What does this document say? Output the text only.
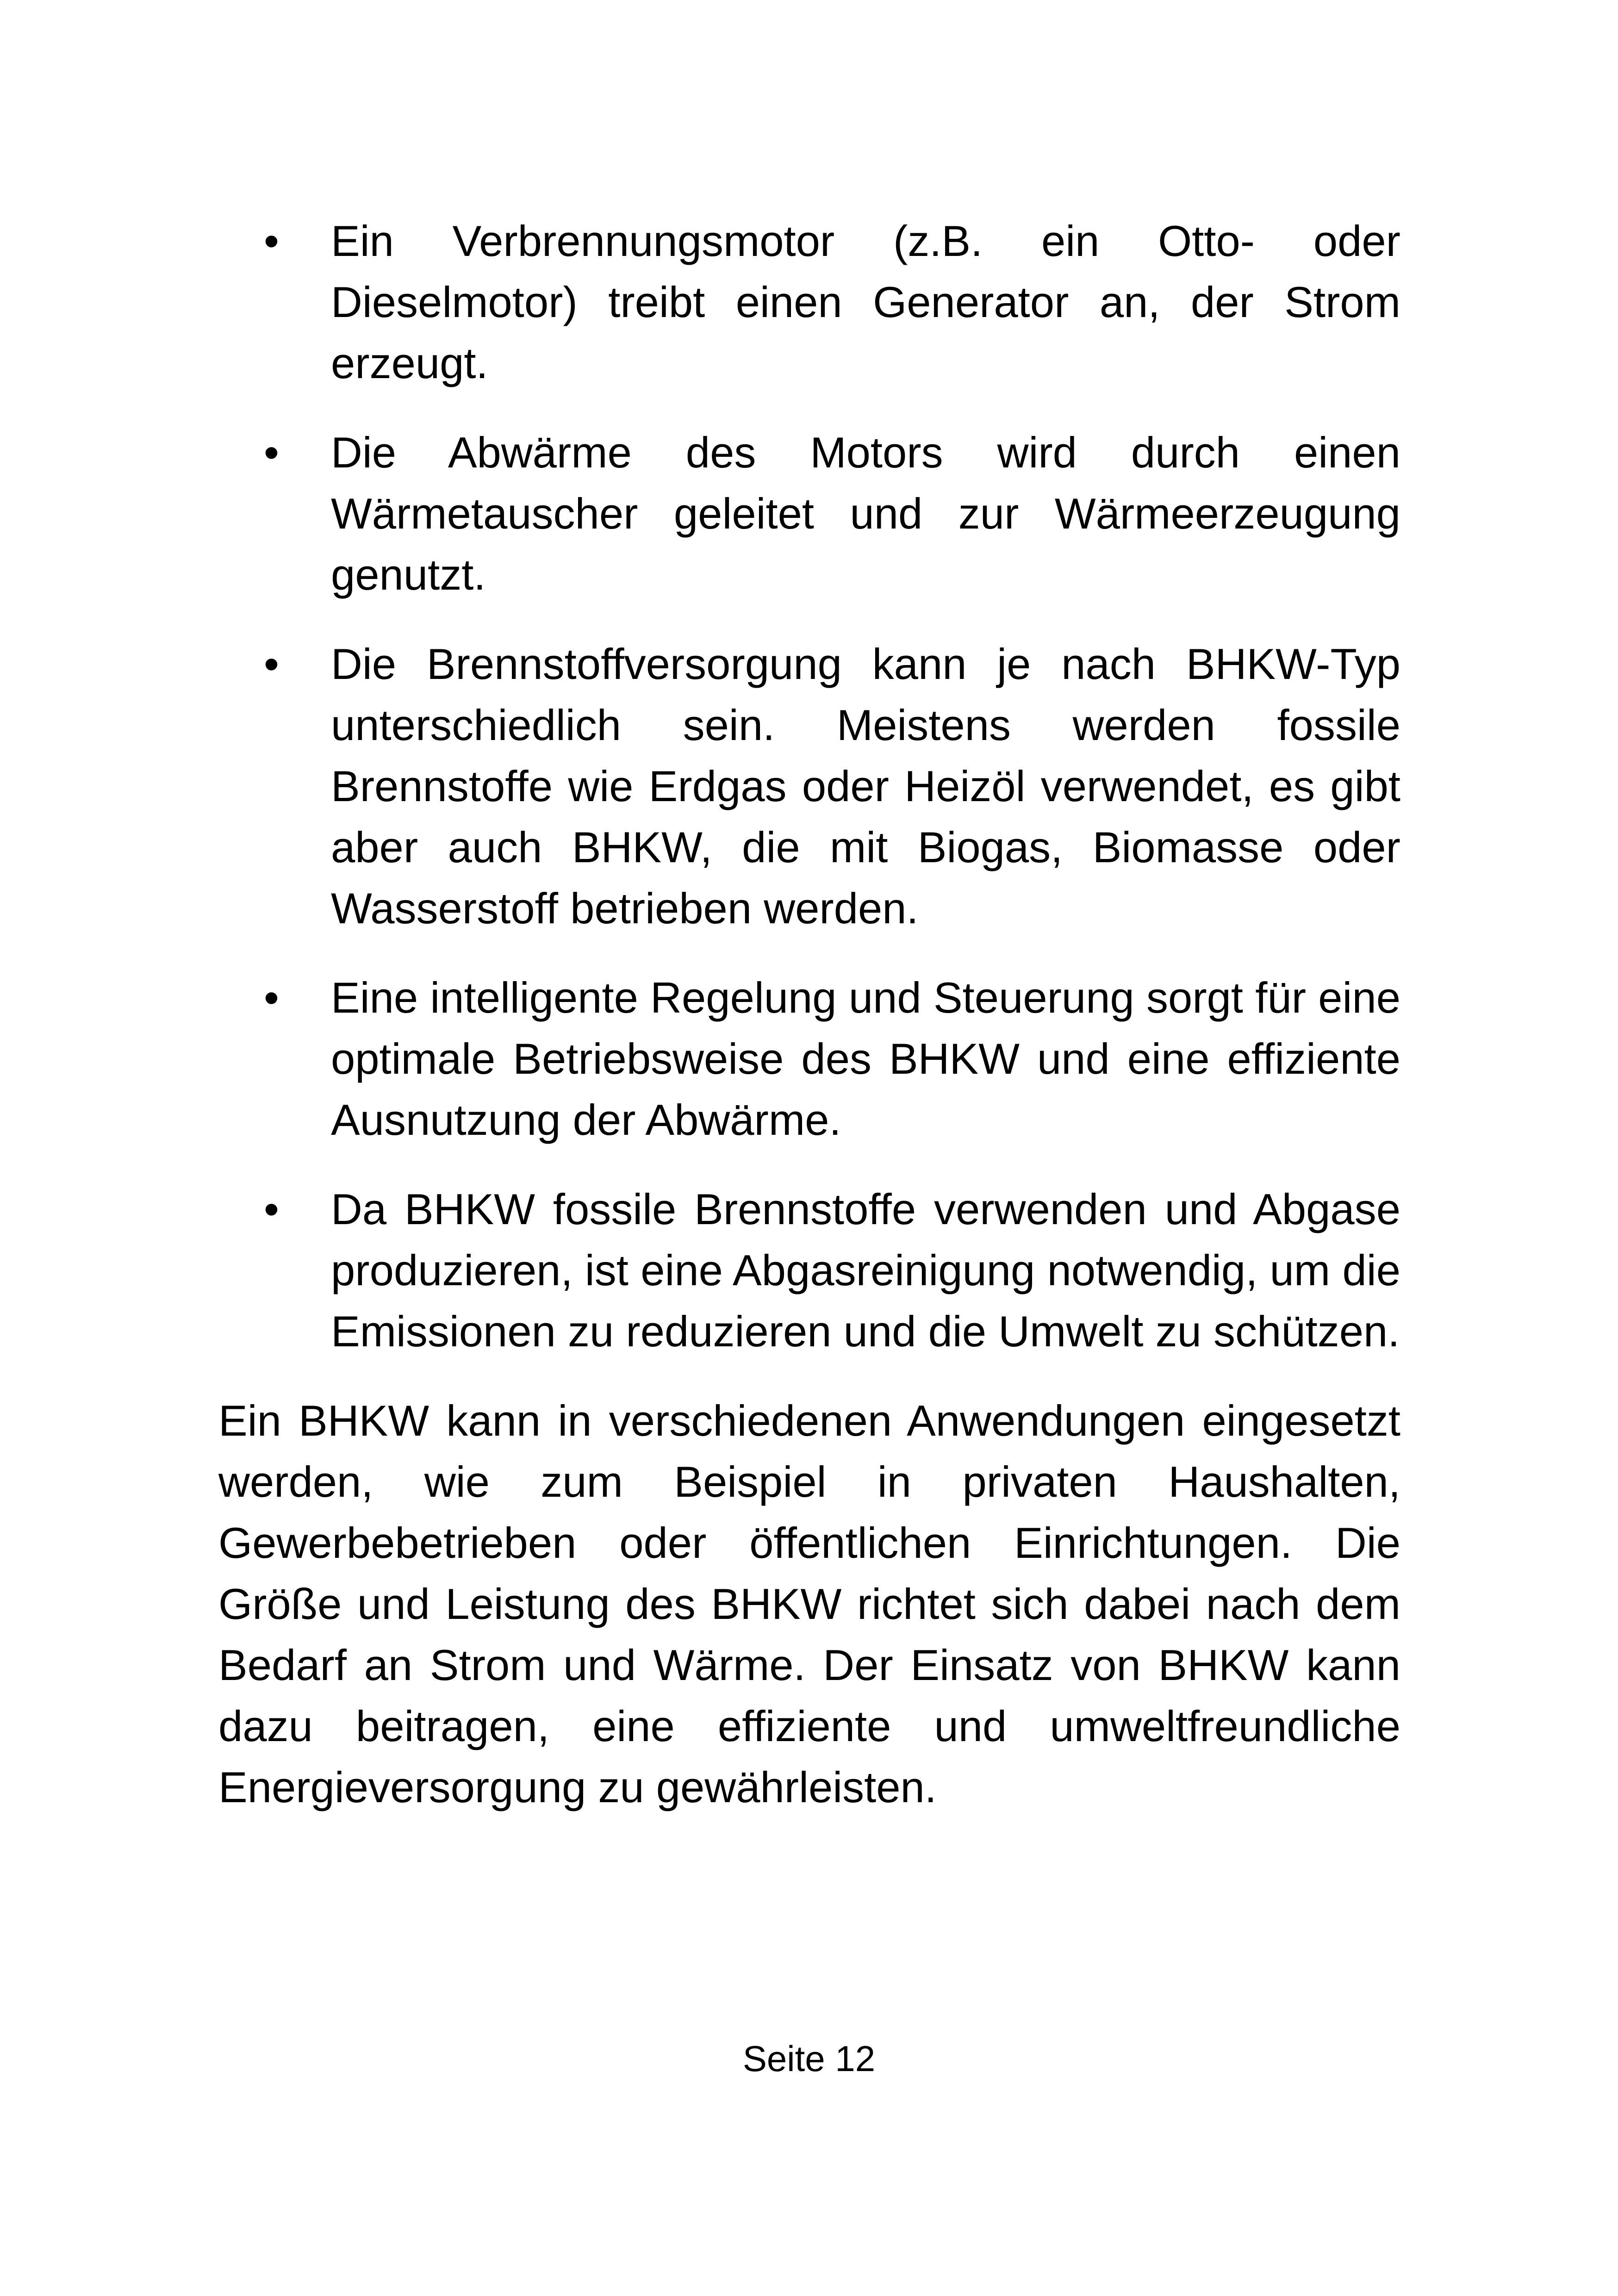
• Ein Verbrennungsmotor (z.B. ein Otto- oder Dieselmotor) treibt einen Generator an, der Strom erzeugt.
• Die Abwärme des Motors wird durch einen Wärmetauscher geleitet und zur Wärmeerzeugung genutzt.
• Die Brennstoffversorgung kann je nach BHKW-Typ unterschiedlich sein. Meistens werden fossile Brennstoffe wie Erdgas oder Heizöl verwendet, es gibt aber auch BHKW, die mit Biogas, Biomasse oder Wasserstoff betrieben werden.
• Eine intelligente Regelung und Steuerung sorgt für eine optimale Betriebsweise des BHKW und eine effiziente Ausnutzung der Abwärme.
• Da BHKW fossile Brennstoffe verwenden und Abgase produzieren, ist eine Abgasreinigung notwendig, um die Emissionen zu reduzieren und die Umwelt zu schützen.

Ein BHKW kann in verschiedenen Anwendungen eingesetzt werden, wie zum Beispiel in privaten Haushalten, Gewerbebetrieben oder öffentlichen Einrichtungen. Die Größe und Leistung des BHKW richtet sich dabei nach dem Bedarf an Strom und Wärme. Der Einsatz von BHKW kann dazu beitragen, eine effiziente und umweltfreundliche Energieversorgung zu gewährleisten.

Seite 12
